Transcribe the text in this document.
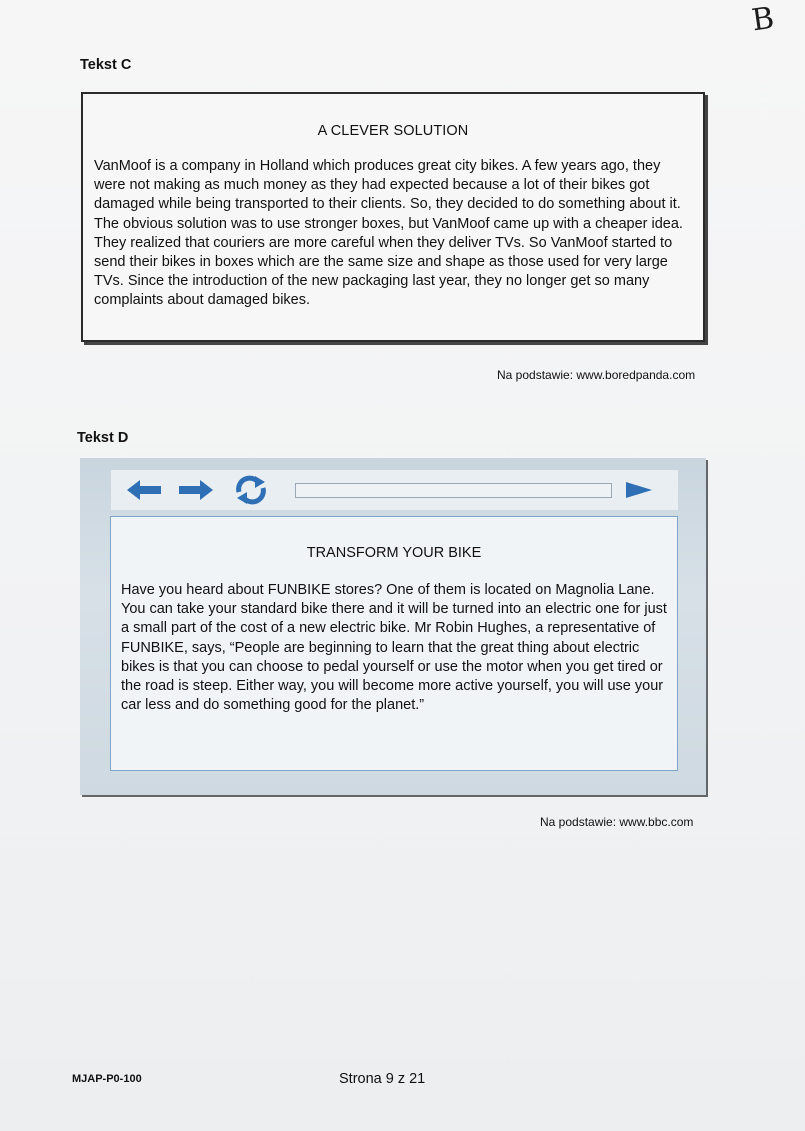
B
Tekst C
A CLEVER SOLUTION
VanMoof is a company in Holland which produces great city bikes. A few years ago, they were not making as much money as they had expected because a lot of their bikes got damaged while being transported to their clients. So, they decided to do something about it. The obvious solution was to use stronger boxes, but VanMoof came up with a cheaper idea. They realized that couriers are more careful when they deliver TVs. So VanMoof started to send their bikes in boxes which are the same size and shape as those used for very large TVs. Since the introduction of the new packaging last year, they no longer get so many complaints about damaged bikes.
Na podstawie: www.boredpanda.com
Tekst D
TRANSFORM YOUR BIKE
Have you heard about FUNBIKE stores? One of them is located on Magnolia Lane. You can take your standard bike there and it will be turned into an electric one for just a small part of the cost of a new electric bike. Mr Robin Hughes, a representative of FUNBIKE, says, “People are beginning to learn that the great thing about electric bikes is that you can choose to pedal yourself or use the motor when you get tired or the road is steep. Either way, you will become more active yourself, you will use your car less and do something good for the planet.”
Na podstawie: www.bbc.com
MJAP-P0-100	Strona 9 z 21
